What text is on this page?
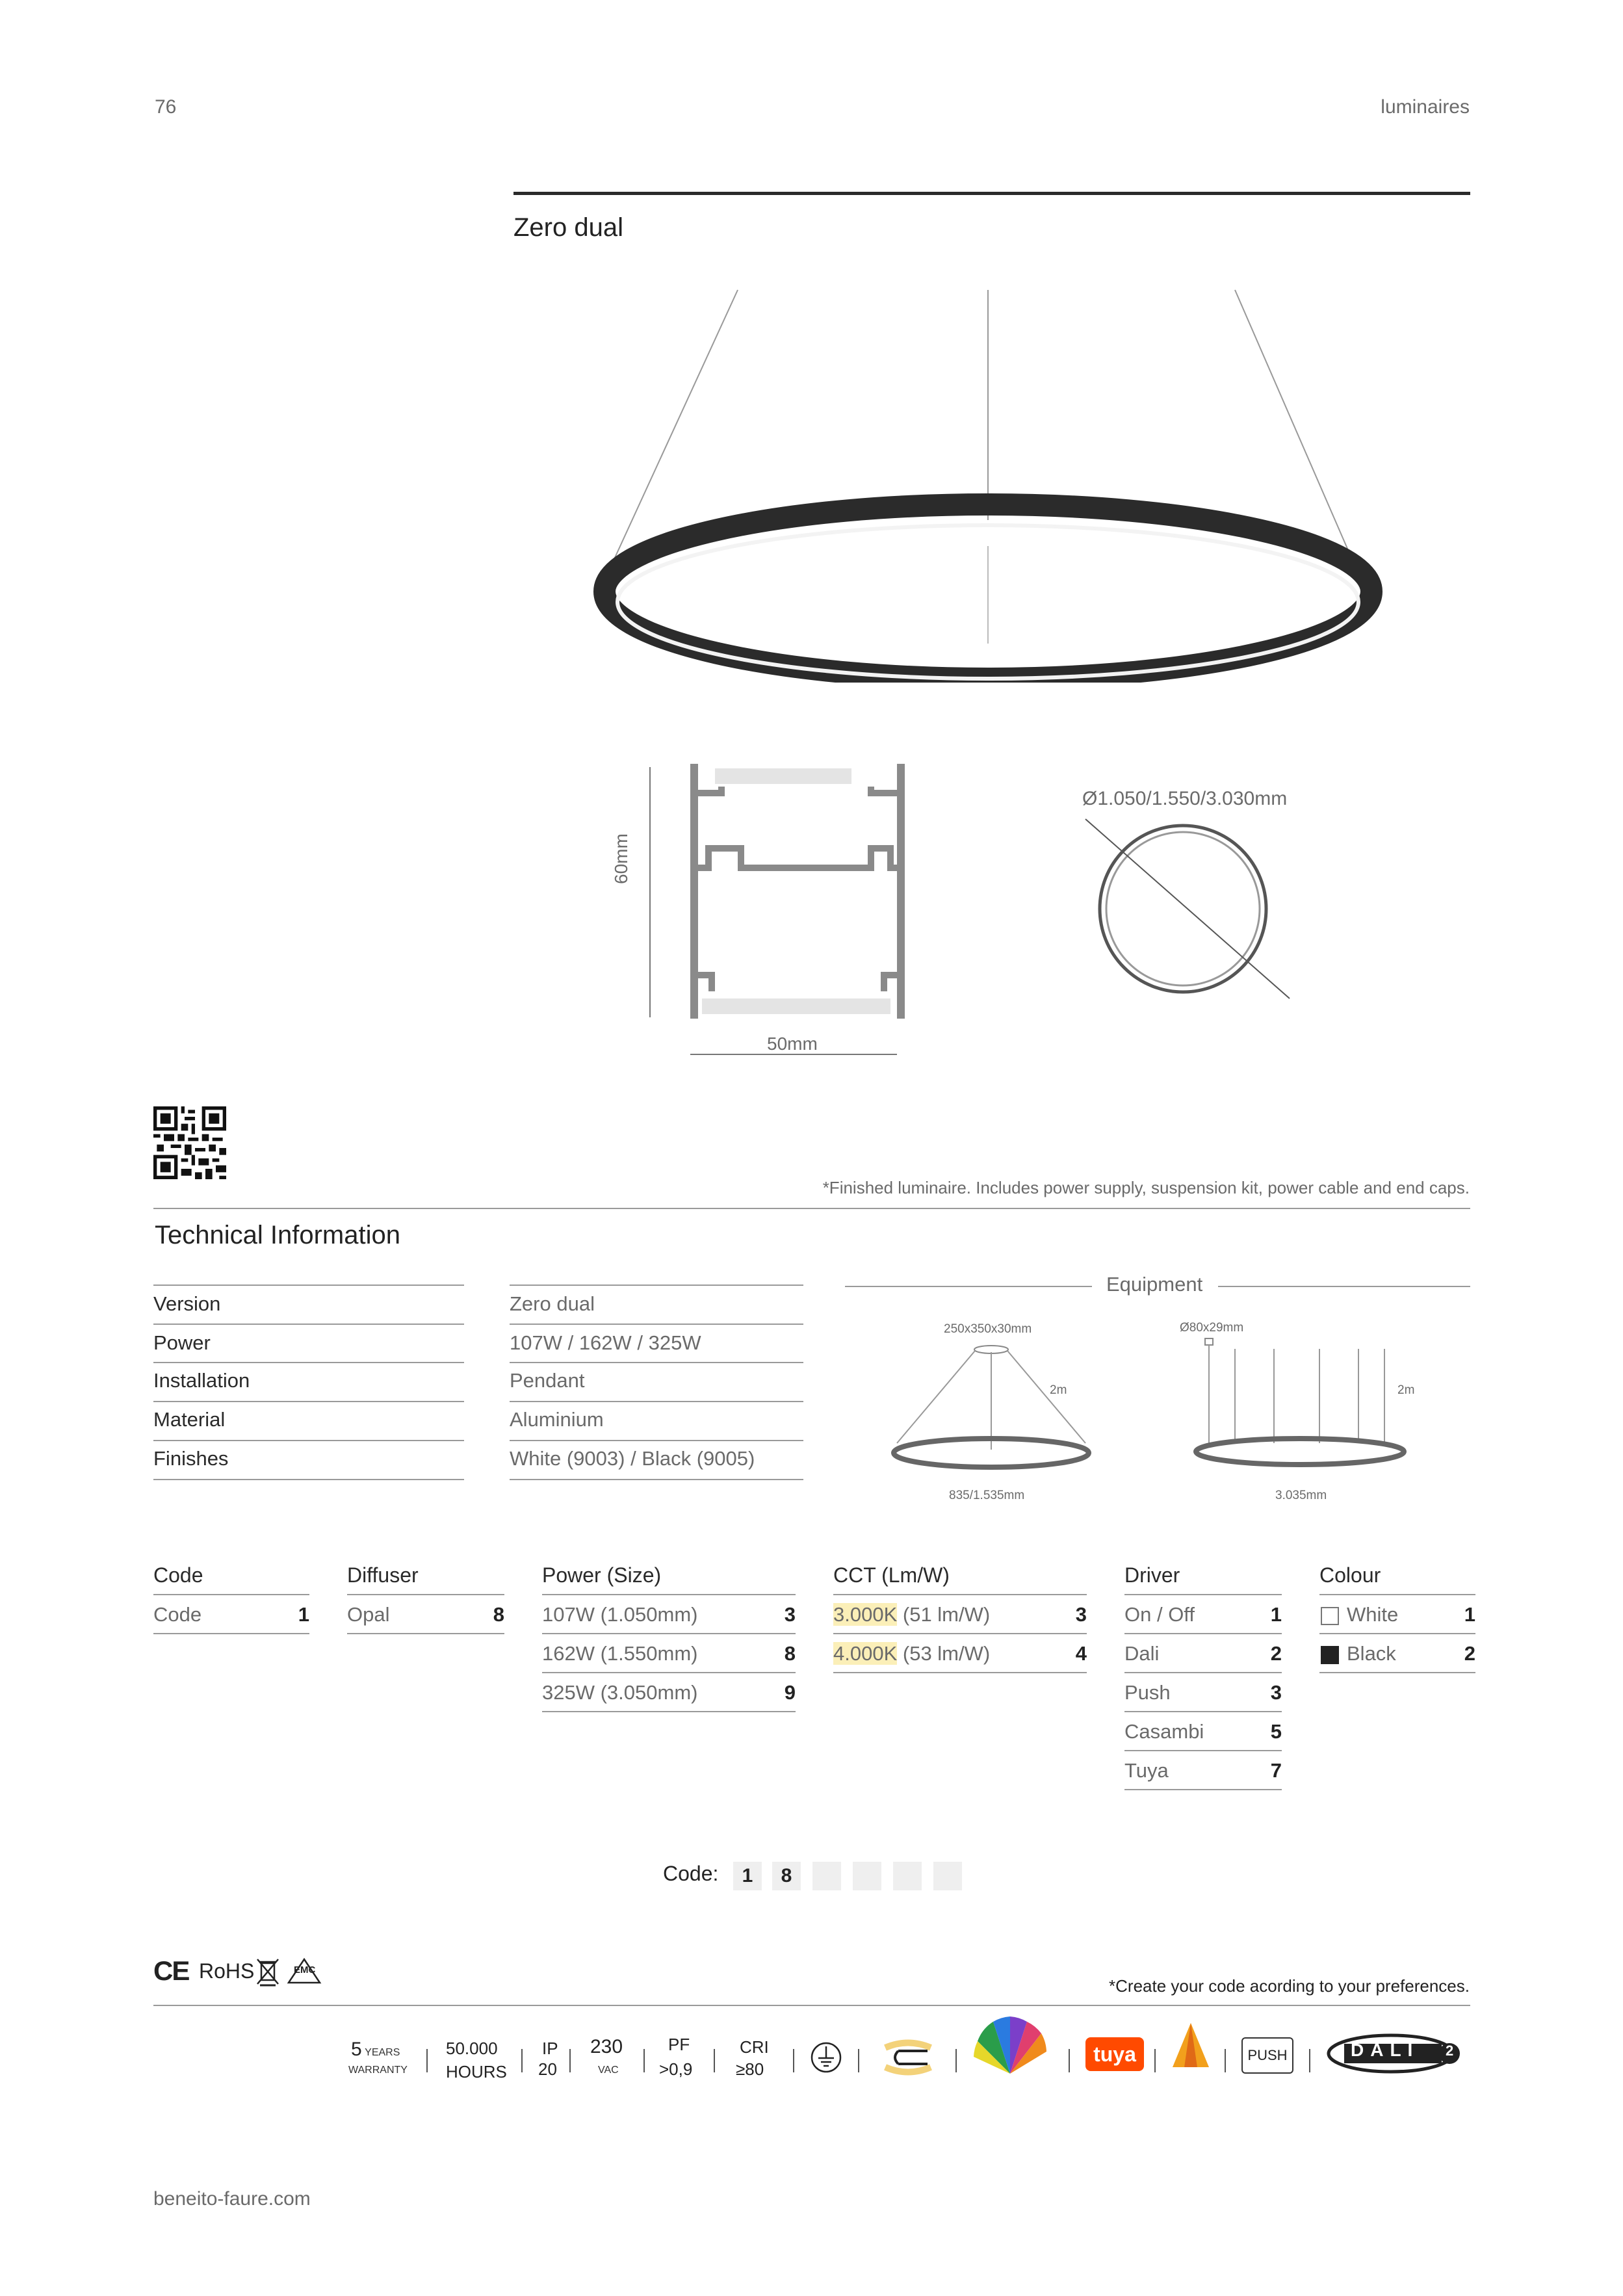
76	luminaires
Zero dual
60mm
50mm
Ø1.050/1.550/3.030mm
*Finished luminaire. Includes power supply, suspension kit, power cable and end caps.
Technical Information
Version	Zero dual
Power	107W / 162W / 325W
Installation	Pendant
Material	Aluminium
Finishes	White (9003) / Black (9005)
Equipment
250x350x30mm
2m
835/1.535mm
Ø80x29mm
2m
3.035mm
Code
Code	1
Diffuser
Opal	8
Power (Size)
107W (1.050mm)	3
162W (1.550mm)	8
325W (3.050mm)	9
CCT (Lm/W)
3.000K (51 lm/W)	3
4.000K (53 lm/W)	4
Driver
On / Off	1
Dali	2
Push	3
Casambi	5
Tuya	7
Colour
White	1
Black	2
Code:	1	8
CE RoHS	EMC
*Create your code acording to your preferences.
5 YEARS
WARRANTY
50.000
HOURS
IP
20
230
VAC
PF
>0,9
CRI
≥80
tuya	PUSH	DALI 2
beneito-faure.com
